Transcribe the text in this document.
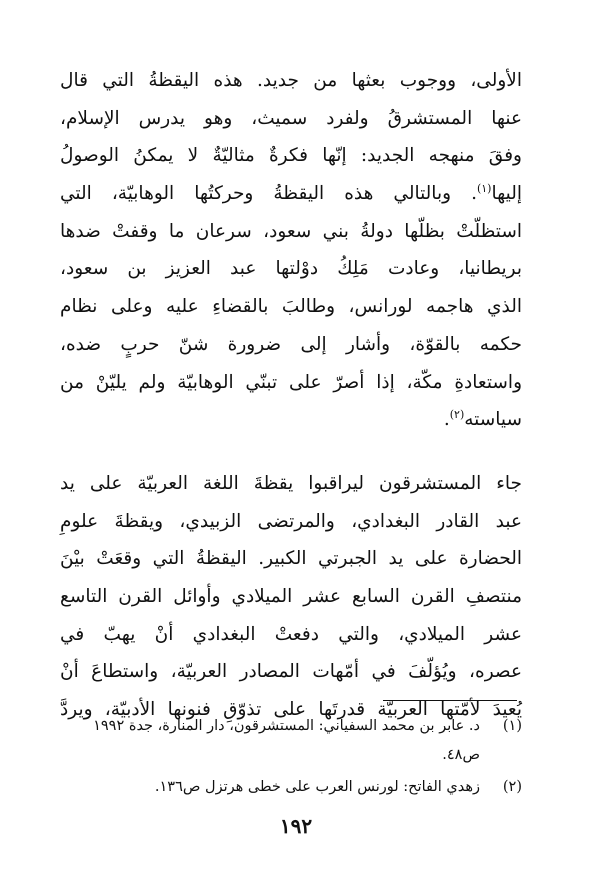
الأولى، ووجوب بعثها من جديد. هذه اليقظةُ التي قال
عنها المستشرقُ ولفرد سميث، وهو يدرس الإسلام،
وفقَ منهجه الجديد: إنّها فكرةٌ مثاليّةٌ لا يمكنُ الوصولُ
إليها$^{(١)}$. وبالتالي هذه اليقظةُ وحركتُها الوهابيّة، التي
استظلّتْ بظلّها دولةُ بني سعود، سرعان ما وقفتْ ضدها
بريطانيا، وعادت مَلِكُ دوْلتها عبد العزيز بن سعود،
الذي هاجمه لورانس، وطالبَ بالقضاءِ عليه وعلى نظام
حكمه بالقوّة، وأشار إلى ضرورة شنّ حربٍ ضده،
واستعادةِ مكّة، إذا أصرّ على تبنّي الوهابيّة ولم يليّنْ من
سياسته$^{(٢)}$.
جاء المستشرقون ليراقبوا يقظةَ اللغة العربيّة على يد
عبد القادر البغدادي، والمرتضى الزبيدي، ويقظةَ علومِ
الحضارة على يد الجبرتي الكبير. اليقظةُ التي وقعَتْ بيْنَ
منتصفِ القرن السابع عشر الميلادي وأوائل القرن التاسع
عشر الميلادي، والتي دفعتْ البغدادي أنْ يهبّ في
عصره، ويُؤلّفَ في أمّهات المصادر العربيّة، واستطاعَ أنْ
يُعيدَ لأمّتها العربيّة قدرتَها على تذوّقِ فنونها الأدبيّة، ويردَّ
(١)
د. عابر بن محمد السفياني: المستشرقون، دار المنارة، جدة ١٩٩٢ ص٤٨.
(٢)
زهدي الفاتح: لورنس العرب على خطى هرتزل ص١٣٦.
١٩٢
